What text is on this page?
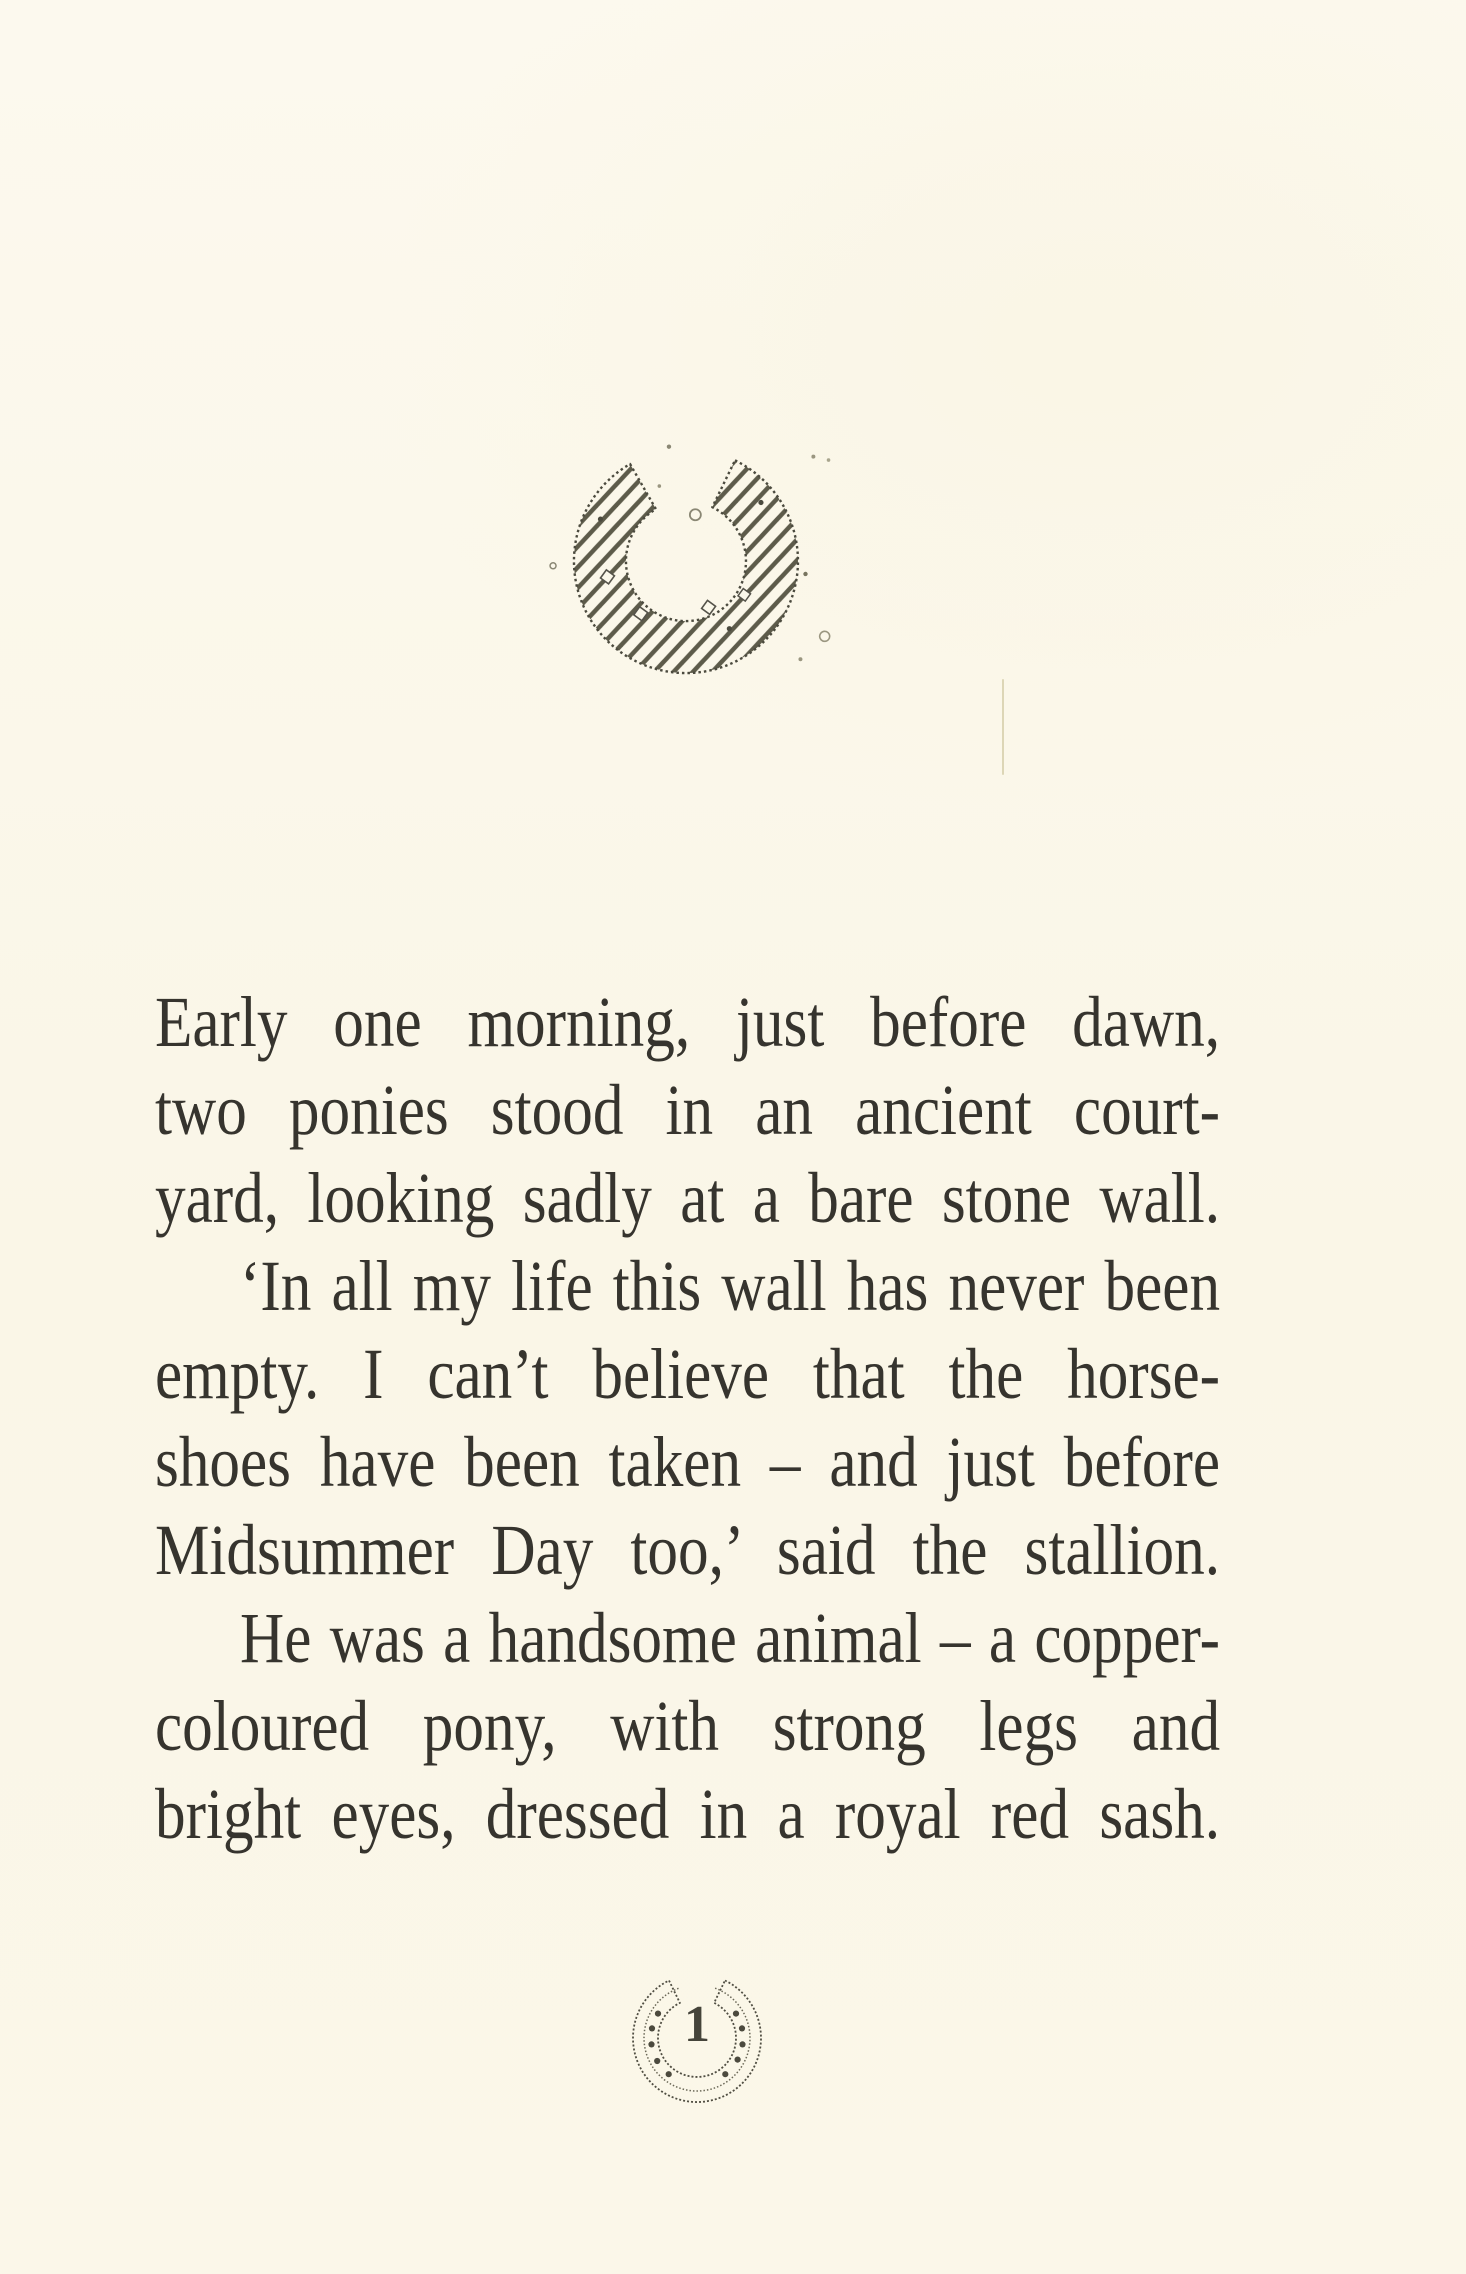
Early one morning, just before dawn,
two ponies stood in an ancient court-
yard, looking sadly at a bare stone wall.
‘In all my life this wall has never been
empty. I can’t believe that the horse-
shoes have been taken – and just before
Midsummer Day too,’ said the stallion.
He was a handsome animal – a copper-
coloured pony, with strong legs and
bright eyes, dressed in a royal red sash.
1
